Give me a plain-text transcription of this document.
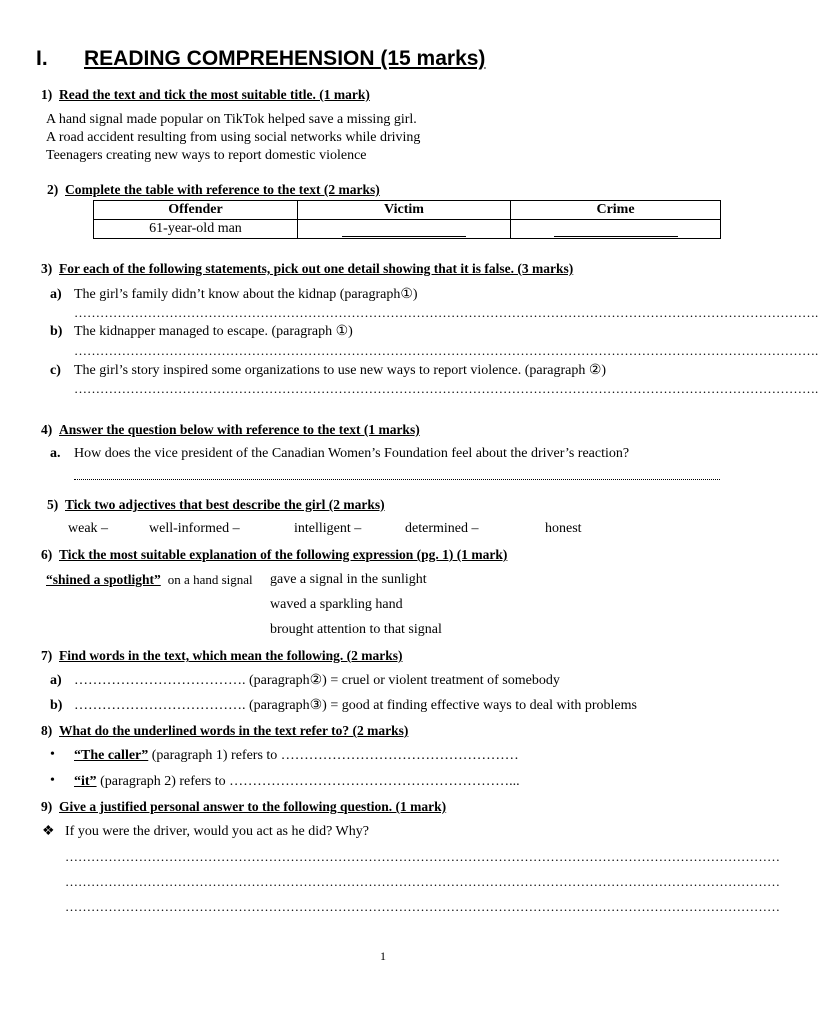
I. READING COMPREHENSION (15 marks)
1) Read the text and tick the most suitable title. (1 mark)
A hand signal made popular on TikTok helped save a missing girl.
A road accident resulting from using social networks while driving
Teenagers creating new ways to report domestic violence
2) Complete the table with reference to the text (2 marks)
Offender	Victim	Crime
61-year-old man		
3) For each of the following statements, pick out one detail showing that it is false. (3 marks)
a) The girl’s family didn’t know about the kidnap (paragraph①)
……………………………………………………………………………………………………………………………………………………….
b) The kidnapper managed to escape. (paragraph ①)
……………………………………………………………………………………………………………………………………………………….
c) The girl’s story inspired some organizations to use new ways to report violence. (paragraph ②)
……………………………………………………………………………………………………………………………………………………….
4) Answer the question below with reference to the text (1 marks)
a. How does the vice president of the Canadian Women’s Foundation feel about the driver’s reaction?
5) Tick two adjectives that best describe the girl (2 marks)
weak –	well-informed –	intelligent –	determined –	honest
6) Tick the most suitable explanation of the following expression (pg. 1) (1 mark)
“shined a spotlight” on a hand signal gave a signal in the sunlight
waved a sparkling hand
brought attention to that signal
7) Find words in the text, which mean the following. (2 marks)
a) ………………………………. (paragraph②) = cruel or violent treatment of somebody
b) ………………………………. (paragraph③) = good at finding effective ways to deal with problems
8) What do the underlined words in the text refer to? (2 marks)
• “The caller” (paragraph 1) refers to ……………………………………………
• “it” (paragraph 2) refers to ……………………………………………………...
9) Give a justified personal answer to the following question. (1 mark)
❖ If you were the driver, would you act as he did? Why?
…………………………………………………………………………………………………………………………………………………
…………………………………………………………………………………………………………………………………………………
…………………………………………………………………………………………………………………………………………………
1
